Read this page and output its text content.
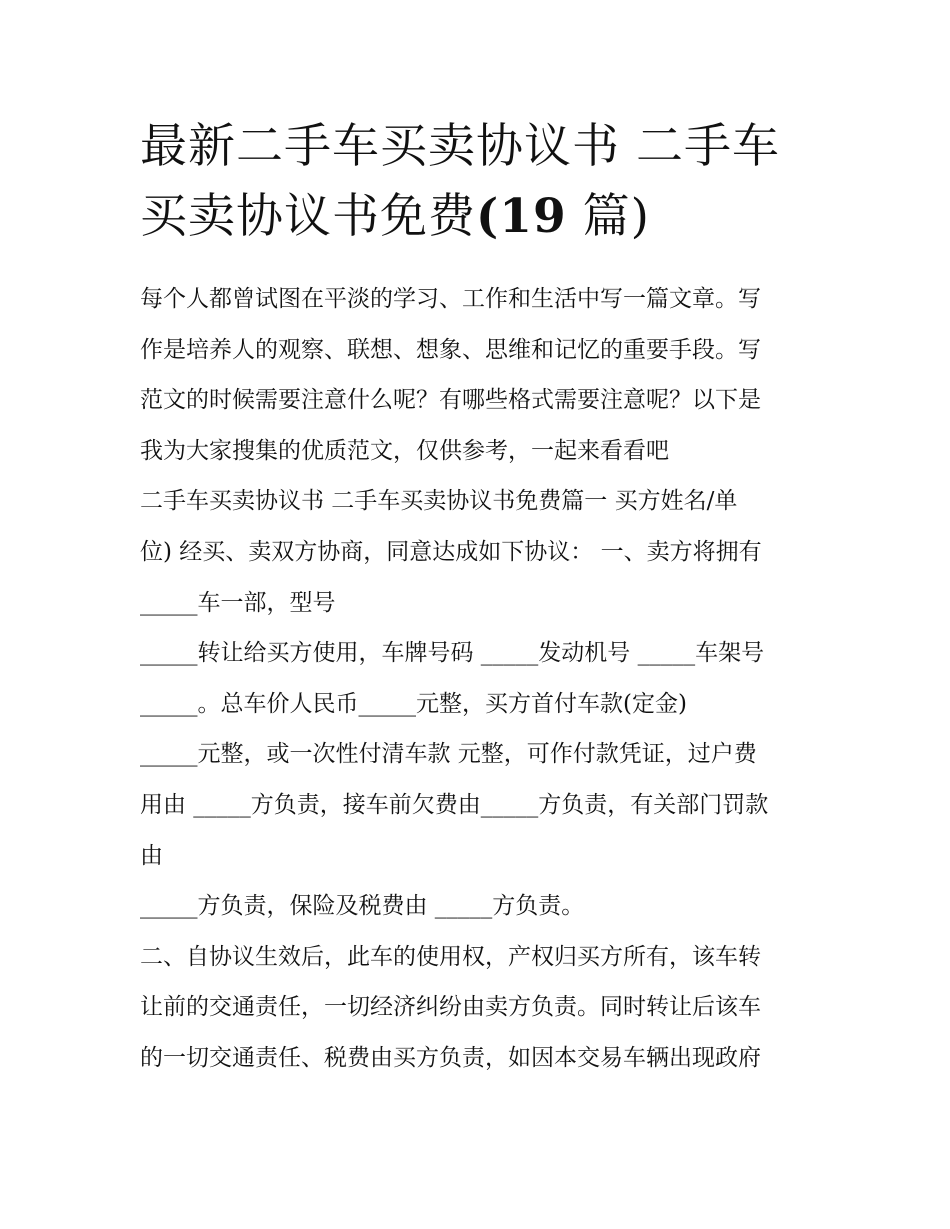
最新二手车买卖协议书 二手车
买卖协议书免费(19 篇)
每个人都曾试图在平淡的学习、工作和生活中写一篇文章。写
作是培养人的观察、联想、想象、思维和记忆的重要手段。写
范文的时候需要注意什么呢？有哪些格式需要注意呢？以下是
我为大家搜集的优质范文，仅供参考，一起来看看吧
二手车买卖协议书 二手车买卖协议书免费篇一 买方姓名/单
位) 经买、卖双方协商，同意达成如下协议： 一、卖方将拥有
_____车一部，型号
_____转让给买方使用，车牌号码 _____发动机号 _____车架号
_____。总车价人民币_____元整，买方首付车款(定金)
_____元整，或一次性付清车款 元整，可作付款凭证，过户费
用由 _____方负责，接车前欠费由_____方负责，有关部门罚款
由
_____方负责，保险及税费由 _____方负责。
二、自协议生效后，此车的使用权，产权归买方所有，该车转
让前的交通责任，一切经济纠纷由卖方负责。同时转让后该车
的一切交通责任、税费由买方负责，如因本交易车辆出现政府
